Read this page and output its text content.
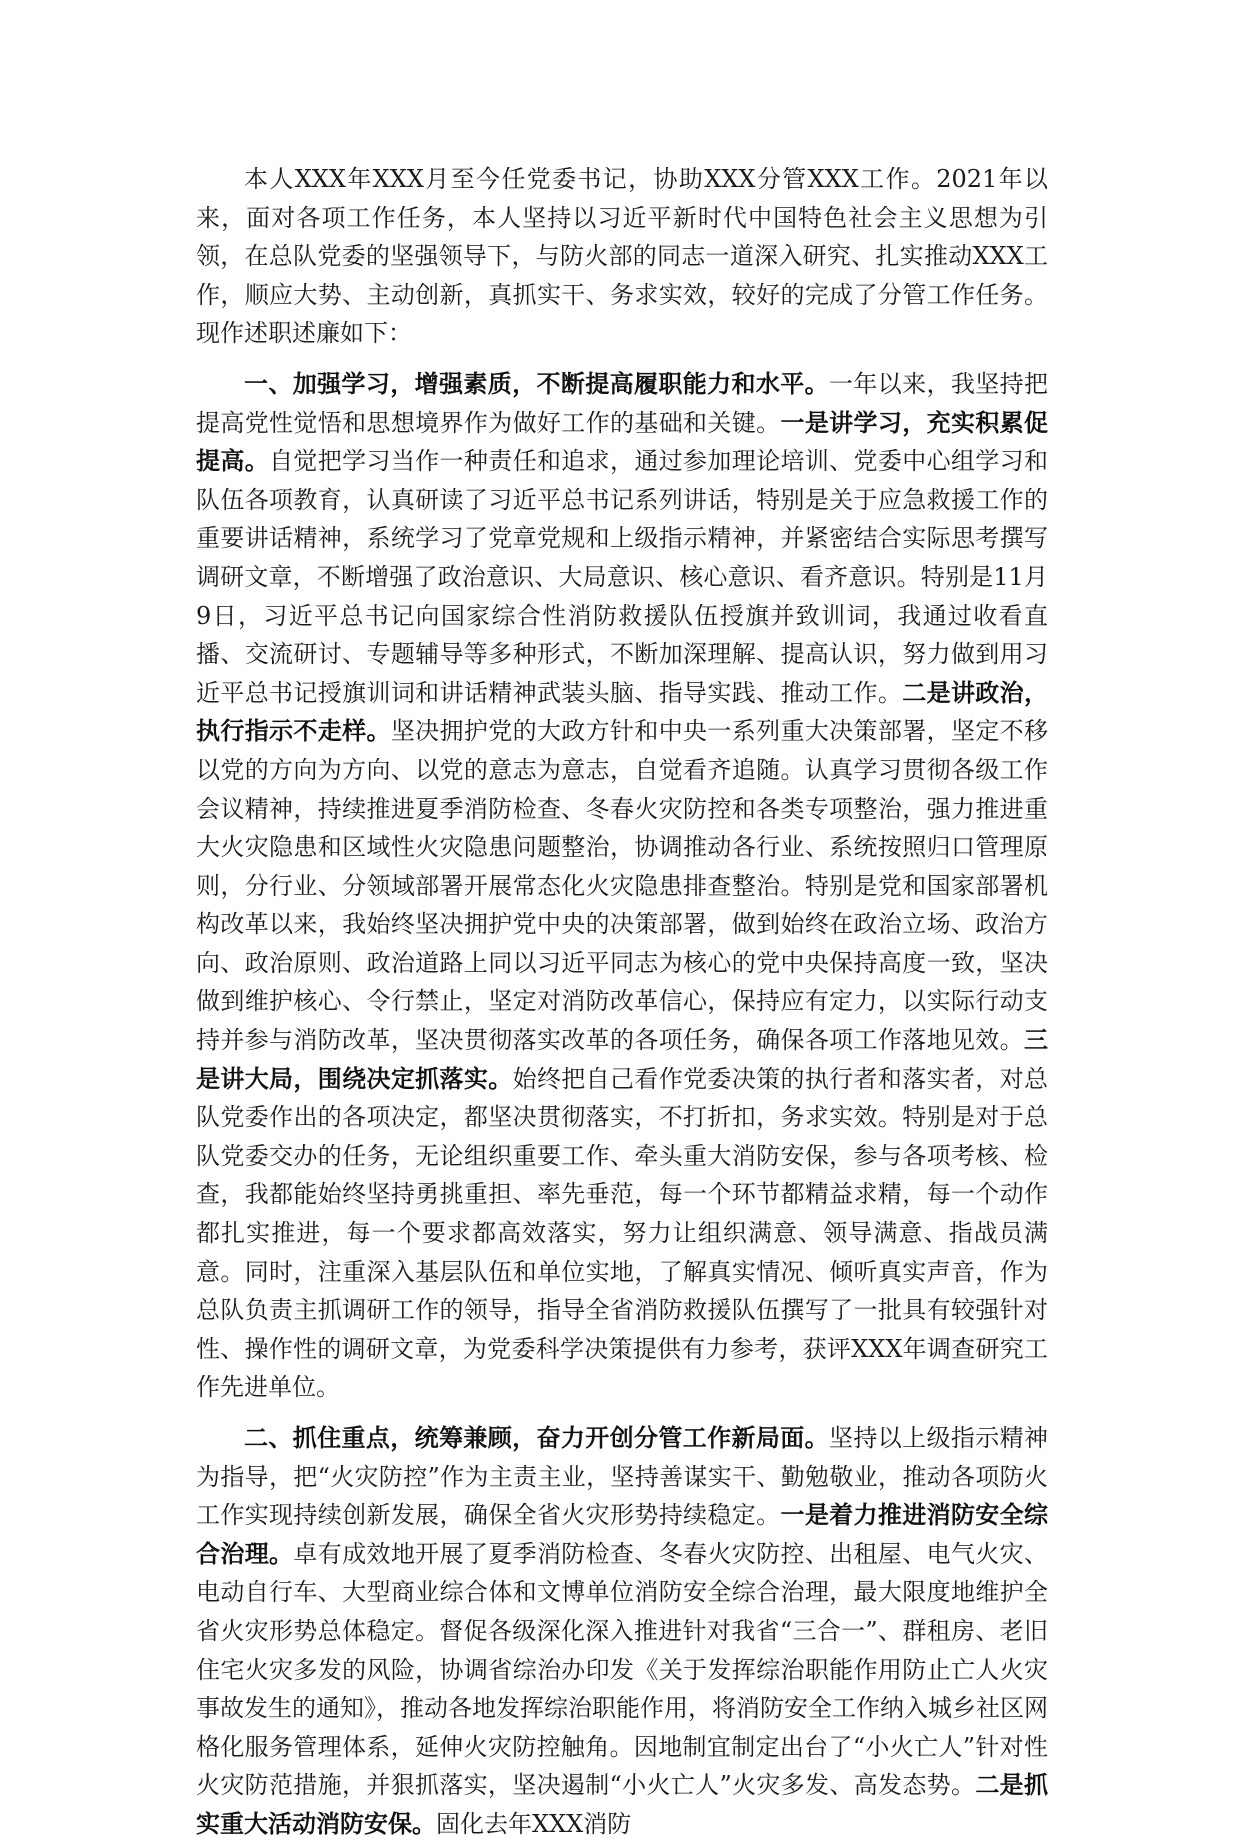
本人XXX年XXX月至今任党委书记，协助XXX分管XXX工作。2021年以来，面对各项工作任务，本人坚持以习近平新时代中国特色社会主义思想为引领，在总队党委的坚强领导下，与防火部的同志一道深入研究、扎实推动XXX工作，顺应大势、主动创新，真抓实干、务求实效，较好的完成了分管工作任务。现作述职述廉如下：

一、加强学习，增强素质，不断提高履职能力和水平。一年以来，我坚持把提高党性觉悟和思想境界作为做好工作的基础和关键。一是讲学习，充实积累促提高。自觉把学习当作一种责任和追求，通过参加理论培训、党委中心组学习和队伍各项教育，认真研读了习近平总书记系列讲话，特别是关于应急救援工作的重要讲话精神，系统学习了党章党规和上级指示精神，并紧密结合实际思考撰写调研文章，不断增强了政治意识、大局意识、核心意识、看齐意识。特别是11月9日，习近平总书记向国家综合性消防救援队伍授旗并致训词，我通过收看直播、交流研讨、专题辅导等多种形式，不断加深理解、提高认识，努力做到用习近平总书记授旗训词和讲话精神武装头脑、指导实践、推动工作。二是讲政治，执行指示不走样。坚决拥护党的大政方针和中央一系列重大决策部署，坚定不移以党的方向为方向、以党的意志为意志，自觉看齐追随。认真学习贯彻各级工作会议精神，持续推进夏季消防检查、冬春火灾防控和各类专项整治，强力推进重大火灾隐患和区域性火灾隐患问题整治，协调推动各行业、系统按照归口管理原则，分行业、分领域部署开展常态化火灾隐患排查整治。特别是党和国家部署机构改革以来，我始终坚决拥护党中央的决策部署，做到始终在政治立场、政治方向、政治原则、政治道路上同以习近平同志为核心的党中央保持高度一致，坚决做到维护核心、令行禁止，坚定对消防改革信心，保持应有定力，以实际行动支持并参与消防改革，坚决贯彻落实改革的各项任务，确保各项工作落地见效。三是讲大局，围绕决定抓落实。始终把自己看作党委决策的执行者和落实者，对总队党委作出的各项决定，都坚决贯彻落实，不打折扣，务求实效。特别是对于总队党委交办的任务，无论组织重要工作、牵头重大消防安保，参与各项考核、检查，我都能始终坚持勇挑重担、率先垂范，每一个环节都精益求精，每一个动作都扎实推进，每一个要求都高效落实，努力让组织满意、领导满意、指战员满意。同时，注重深入基层队伍和单位实地，了解真实情况、倾听真实声音，作为总队负责主抓调研工作的领导，指导全省消防救援队伍撰写了一批具有较强针对性、操作性的调研文章，为党委科学决策提供有力参考，获评XXX年调查研究工作先进单位。

二、抓住重点，统筹兼顾，奋力开创分管工作新局面。坚持以上级指示精神为指导，把“火灾防控”作为主责主业，坚持善谋实干、勤勉敬业，推动各项防火工作实现持续创新发展，确保全省火灾形势持续稳定。一是着力推进消防安全综合治理。卓有成效地开展了夏季消防检查、冬春火灾防控、出租屋、电气火灾、电动自行车、大型商业综合体和文博单位消防安全综合治理，最大限度地维护全省火灾形势总体稳定。督促各级深化深入推进针对我省“三合一”、群租房、老旧住宅火灾多发的风险，协调省综治办印发《关于发挥综治职能作用防止亡人火灾事故发生的通知》，推动各地发挥综治职能作用，将消防安全工作纳入城乡社区网格化服务管理体系，延伸火灾防控触角。因地制宜制定出台了“小火亡人”针对性火灾防范措施，并狠抓落实，坚决遏制“小火亡人”火灾多发、高发态势。二是抓实重大活动消防安保。固化去年XXX消防
